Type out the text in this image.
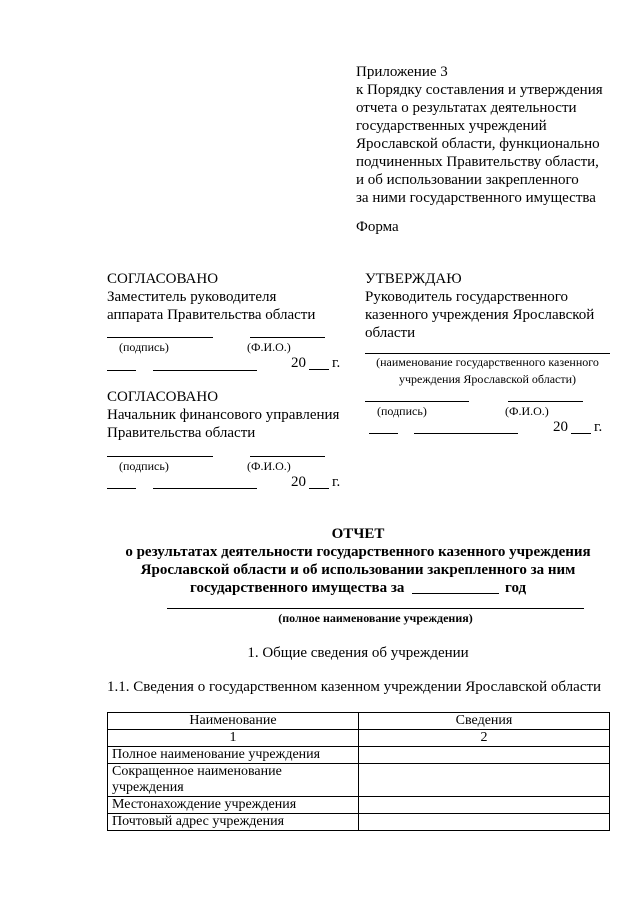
Приложение 3
к Порядку составления и утверждения
отчета о результатах деятельности
государственных учреждений
Ярославской области, функционально
подчиненных Правительству области,
и об использовании закрепленного
за ними государственного имущества
Форма
СОГЛАСОВАНО
Заместитель руководителя
аппарата Правительства области
(подпись)	(Ф.И.О.)
20 г.
СОГЛАСОВАНО
Начальник финансового управления
Правительства области
(подпись)	(Ф.И.О.)
20 г.
УТВЕРЖДАЮ
Руководитель государственного
казенного учреждения Ярославской
области
(наименование государственного казенного
учреждения Ярославской области)
(подпись)	(Ф.И.О.)
20 г.
ОТЧЕТ
о результатах деятельности государственного казенного учреждения
Ярославской области и об использовании закрепленного за ним
государственного имущества за	год
(полное наименование учреждения)
1. Общие сведения об учреждении
1.1. Сведения о государственном казенном учреждении Ярославской области
Наименование	Сведения
1	2
Полное наименование учреждения	
Сокращенное наименование учреждения	
Местонахождение учреждения	
Почтовый адрес учреждения	
